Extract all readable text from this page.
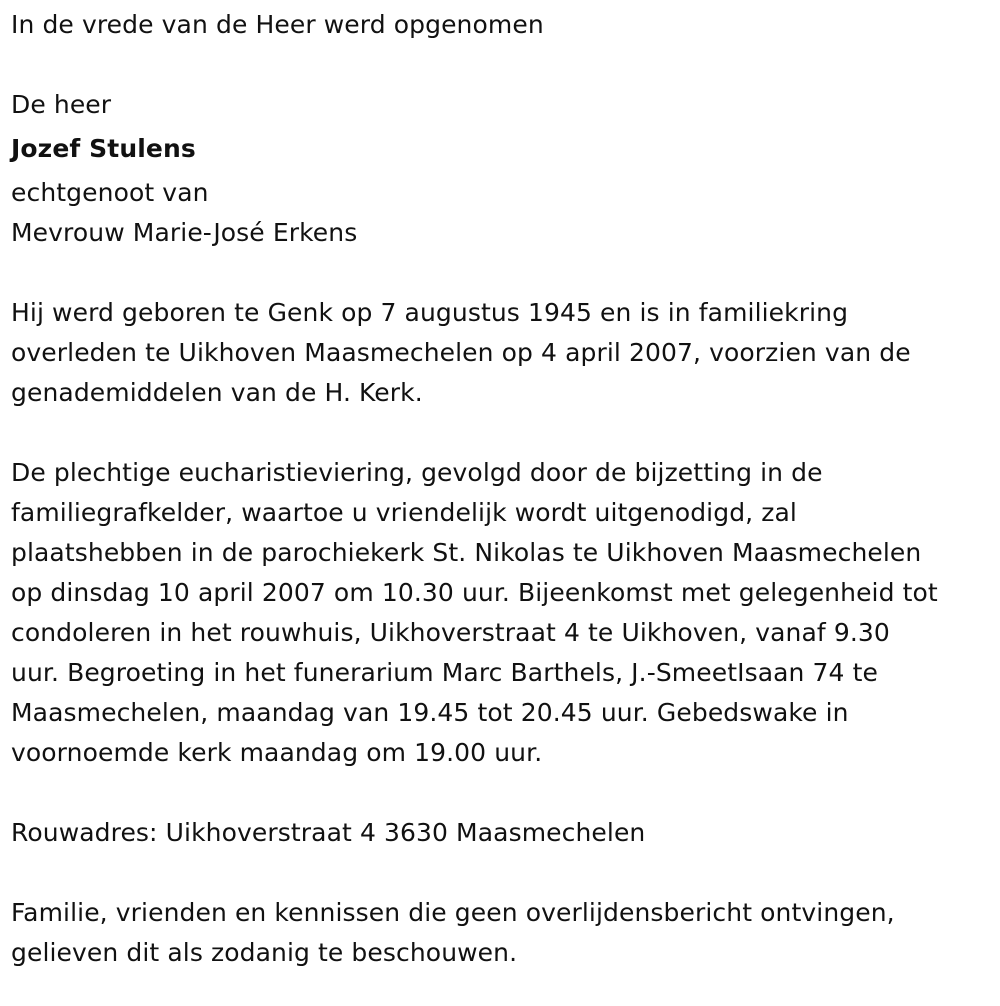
In de vrede van de Heer werd opgenomen
De heer
Jozef Stulens
echtgenoot van
Mevrouw Marie-José Erkens
Hij werd geboren te Genk op 7 augustus 1945 en is in familiekring
overleden te Uikhoven Maasmechelen op 4 april 2007, voorzien van de
genademiddelen van de H. Kerk.
De plechtige eucharistieviering, gevolgd door de bijzetting in de
familiegrafkelder, waartoe u vriendelijk wordt uitgenodigd, zal
plaatshebben in de parochiekerk St. Nikolas te Uikhoven Maasmechelen
op dinsdag 10 april 2007 om 10.30 uur. Bijeenkomst met gelegenheid tot
condoleren in het rouwhuis, Uikhoverstraat 4 te Uikhoven, vanaf 9.30
uur. Begroeting in het funerarium Marc Barthels, J.-SmeetIsaan 74 te
Maasmechelen, maandag van 19.45 tot 20.45 uur. Gebedswake in
voornoemde kerk maandag om 19.00 uur.
Rouwadres: Uikhoverstraat 4 3630 Maasmechelen
Familie, vrienden en kennissen die geen overlijdensbericht ontvingen,
gelieven dit als zodanig te beschouwen.
